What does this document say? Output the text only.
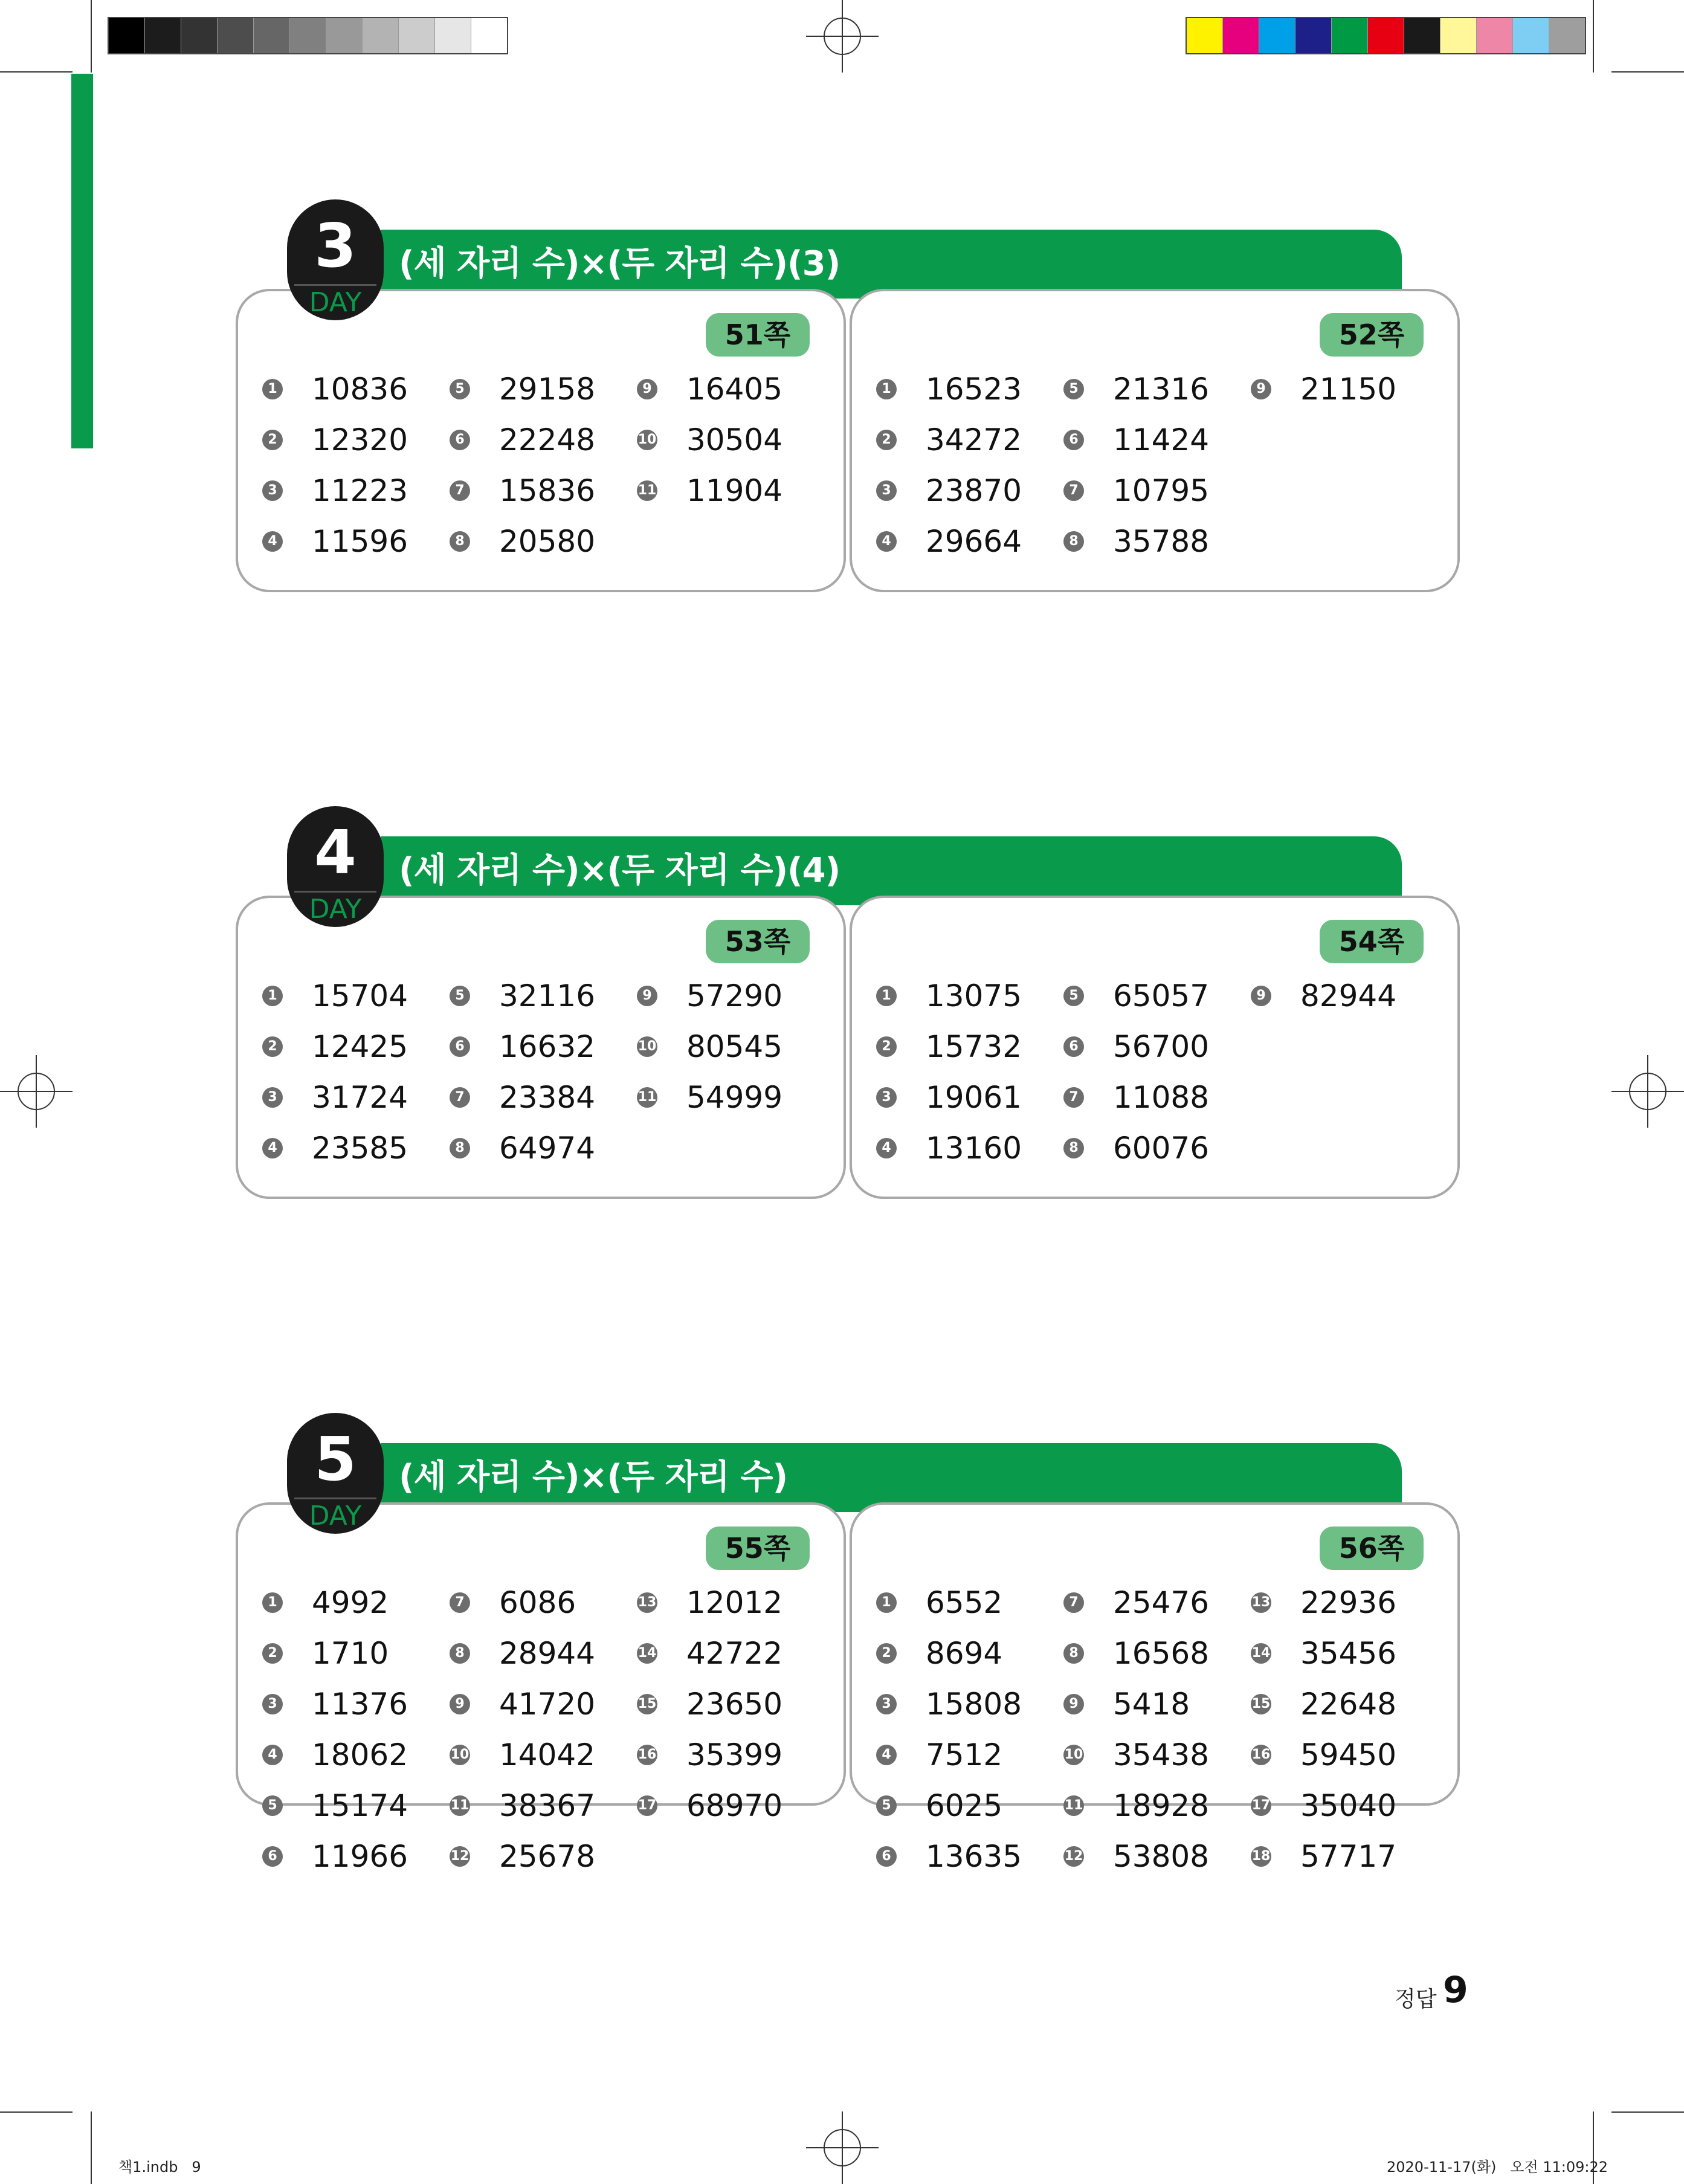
(세 자리 수)×(두 자리 수)(3)
51쪽
1 10836
2 12320
3 11223
4 11596
5 29158
6 22248
7 15836
8 20580
9 16405
10 30504
11 11904
52쪽
1 16523
2 34272
3 23870
4 29664
5 21316
6 11424
7 10795
8 35788
9 21150
3
DAY
(세 자리 수)×(두 자리 수)(4)
53쪽
1 15704
2 12425
3 31724
4 23585
5 32116
6 16632
7 23384
8 64974
9 57290
10 80545
11 54999
54쪽
1 13075
2 15732
3 19061
4 13160
5 65057
6 56700
7 11088
8 60076
9 82944
4
DAY
(세 자리 수)×(두 자리 수)
55쪽
1 4992
2 1710
3 11376
4 18062
5 15174
6 11966
7 6086
8 28944
9 41720
10 14042
11 38367
12 25678
13 12012
14 42722
15 23650
16 35399
17 68970
56쪽
1 6552
2 8694
3 15808
4 7512
5 6025
6 13635
7 25476
8 16568
9 5418
10 35438
11 18928
12 53808
13 22936
14 35456
15 22648
16 59450
17 35040
18 57717
5
DAY
정답 9
책1.indb   9	2020-11-17(화)   오전 11:09:22
